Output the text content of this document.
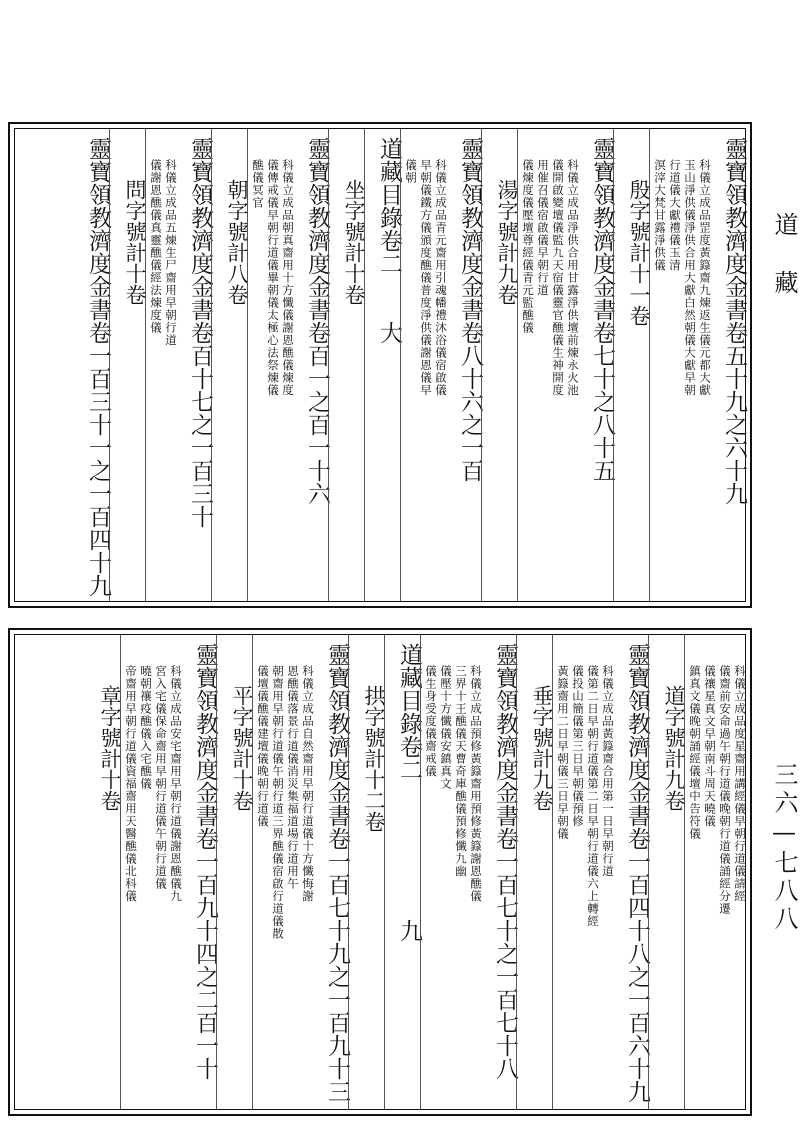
道藏
三六—七八八
靈寶領教濟度金書卷五十九之六十九
科儀立成品罡度黃籙齋九煉返生儀元都大獻
玉山淨供儀淨供合用大獻白然朝儀大獻早朝
行道儀大獻禮儀玉清
溟滓大梵甘露淨供儀
殷字號計十一卷
靈寶領教濟度金書卷七十之八十五
科儀立成品淨供合用甘露淨供壇前煉永火池
儀開啟變壇儀監九天宿儀靈官醮儀生神開度
用催召儀宿啟儀早朝行道
儀煉度儀壓壇尊經儀青元監醮儀
湯字號計九卷
靈寶領教濟度金書卷八十六之一百
科儀立成品青元齋用引魂幡禮沐浴儀宿啟儀
早朝儀鐵方儀頒度醮儀普度淨供儀謝恩儀早
儀朝
道藏目錄卷二　　大
坐字號計十卷
靈寶領教濟度金書卷百一之百一十六
科儀立成品朝真齋用十方懺儀謝恩醮儀煉度
儀傳戒儀早朝行道儀畢朝儀太極心法祭煉儀
醮儀冥官
朝字號計八卷
靈寶領教濟度金書卷百十七之一百三十
科儀立成品五煉生尸齋用早朝行道
儀謝恩醮儀真靈醮儀經法煉度儀
問字號計十卷
靈寶領教濟度金書卷一百三十一之一百四十九
科儀立成品度星齋用講經儀早朝行道儀請經
儀齋前安命過午朝行道儀晚朝行道儀誦經分遷
儀禳星真文早朝南斗周天曉儀
鎮真文儀晚朝誦經儀壇中告符儀
道字號計九卷
靈寶領教濟度金書卷一百四十八之一百六十九
科儀立成品黃籙齋合用第一日早朝行道
儀第二日早朝行道儀第二日早朝行道儀六上轉經
儀投山簡儀第三日早朝儀預修
黃籙齋用二日早朝儀三日早朝儀
垂字號計九卷
靈寶領教濟度金書卷一百七十之一百七十八
科儀立成品預修黃籙齋用預修黃籙謝恩醮儀
三界十王醮儀天曹奇庫醮儀預修懺九幽
儀壓十方懺儀安鎮真文
儀生身受度儀齋戒儀
道藏目錄卷二　　　　　　九
拱字號計十二卷
靈寶領教濟度金書卷一百七十九之一百九十三
科儀立成品自然齋用早朝行道儀十方懺悔謝
恩醮儀落景行道儀消災集福道場行道用午
朝齋用早朝行道儀午朝行道三界醮儀宿啟行道儀散
儀壇儀醮儀建壇儀晚朝行道儀
平字號計十卷
靈寶領教濟度金書卷一百九十四之二百一十
科儀立成品安宅齋用早朝行道儀謝恩醮儀九
宮入宅儀保命齋用早朝行道儀午朝行道儀
曉朝禳疫醮儀入宅醮儀
帝齋用早朝行道儀資福齋用天醫醮儀北科儀
章字號計十卷
